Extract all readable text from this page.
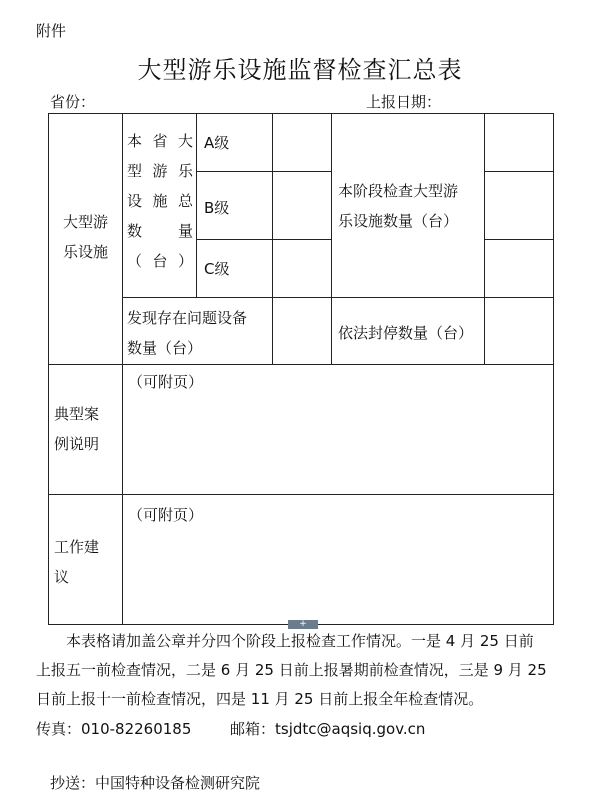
附件
大型游乐设施监督检查汇总表
省份：	上报日期：
大型游
乐设施
本省大
型游乐
设施总
数　量
（台）
A级
B级
C级
本阶段检查大型游
乐设施数量（台）
发现存在问题设备
数量（台）
依法封停数量（台）
典型案
例说明
（可附页）
工作建
议
（可附页）
+
本表格请加盖公章并分四个阶段上报检查工作情况。一是 4 月 25 日前
上报五一前检查情况，二是 6 月 25 日前上报暑期前检查情况，三是 9 月 25
日前上报十一前检查情况，四是 11 月 25 日前上报全年检查情况。
传真：010-82260185	邮箱：tsjdtc@aqsiq.gov.cn
抄送：中国特种设备检测研究院
